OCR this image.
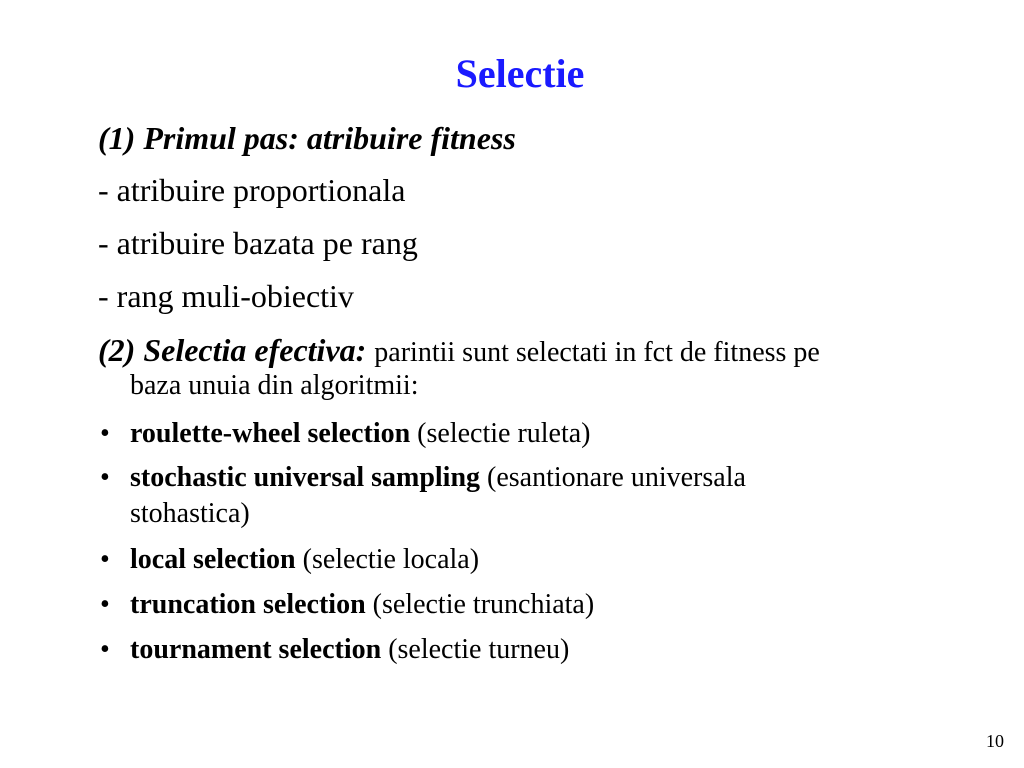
Selectie
(1) Primul pas: atribuire fitness
- atribuire proportionala
- atribuire bazata pe rang
- rang muli-obiectiv
(2) Selectia efectiva: parintii sunt selectati in fct de fitness pe
baza unuia din algoritmii:
• roulette-wheel selection (selectie ruleta)
• stochastic universal sampling (esantionare universala
stohastica)
• local selection (selectie locala)
• truncation selection (selectie trunchiata)
• tournament selection (selectie turneu)
10
